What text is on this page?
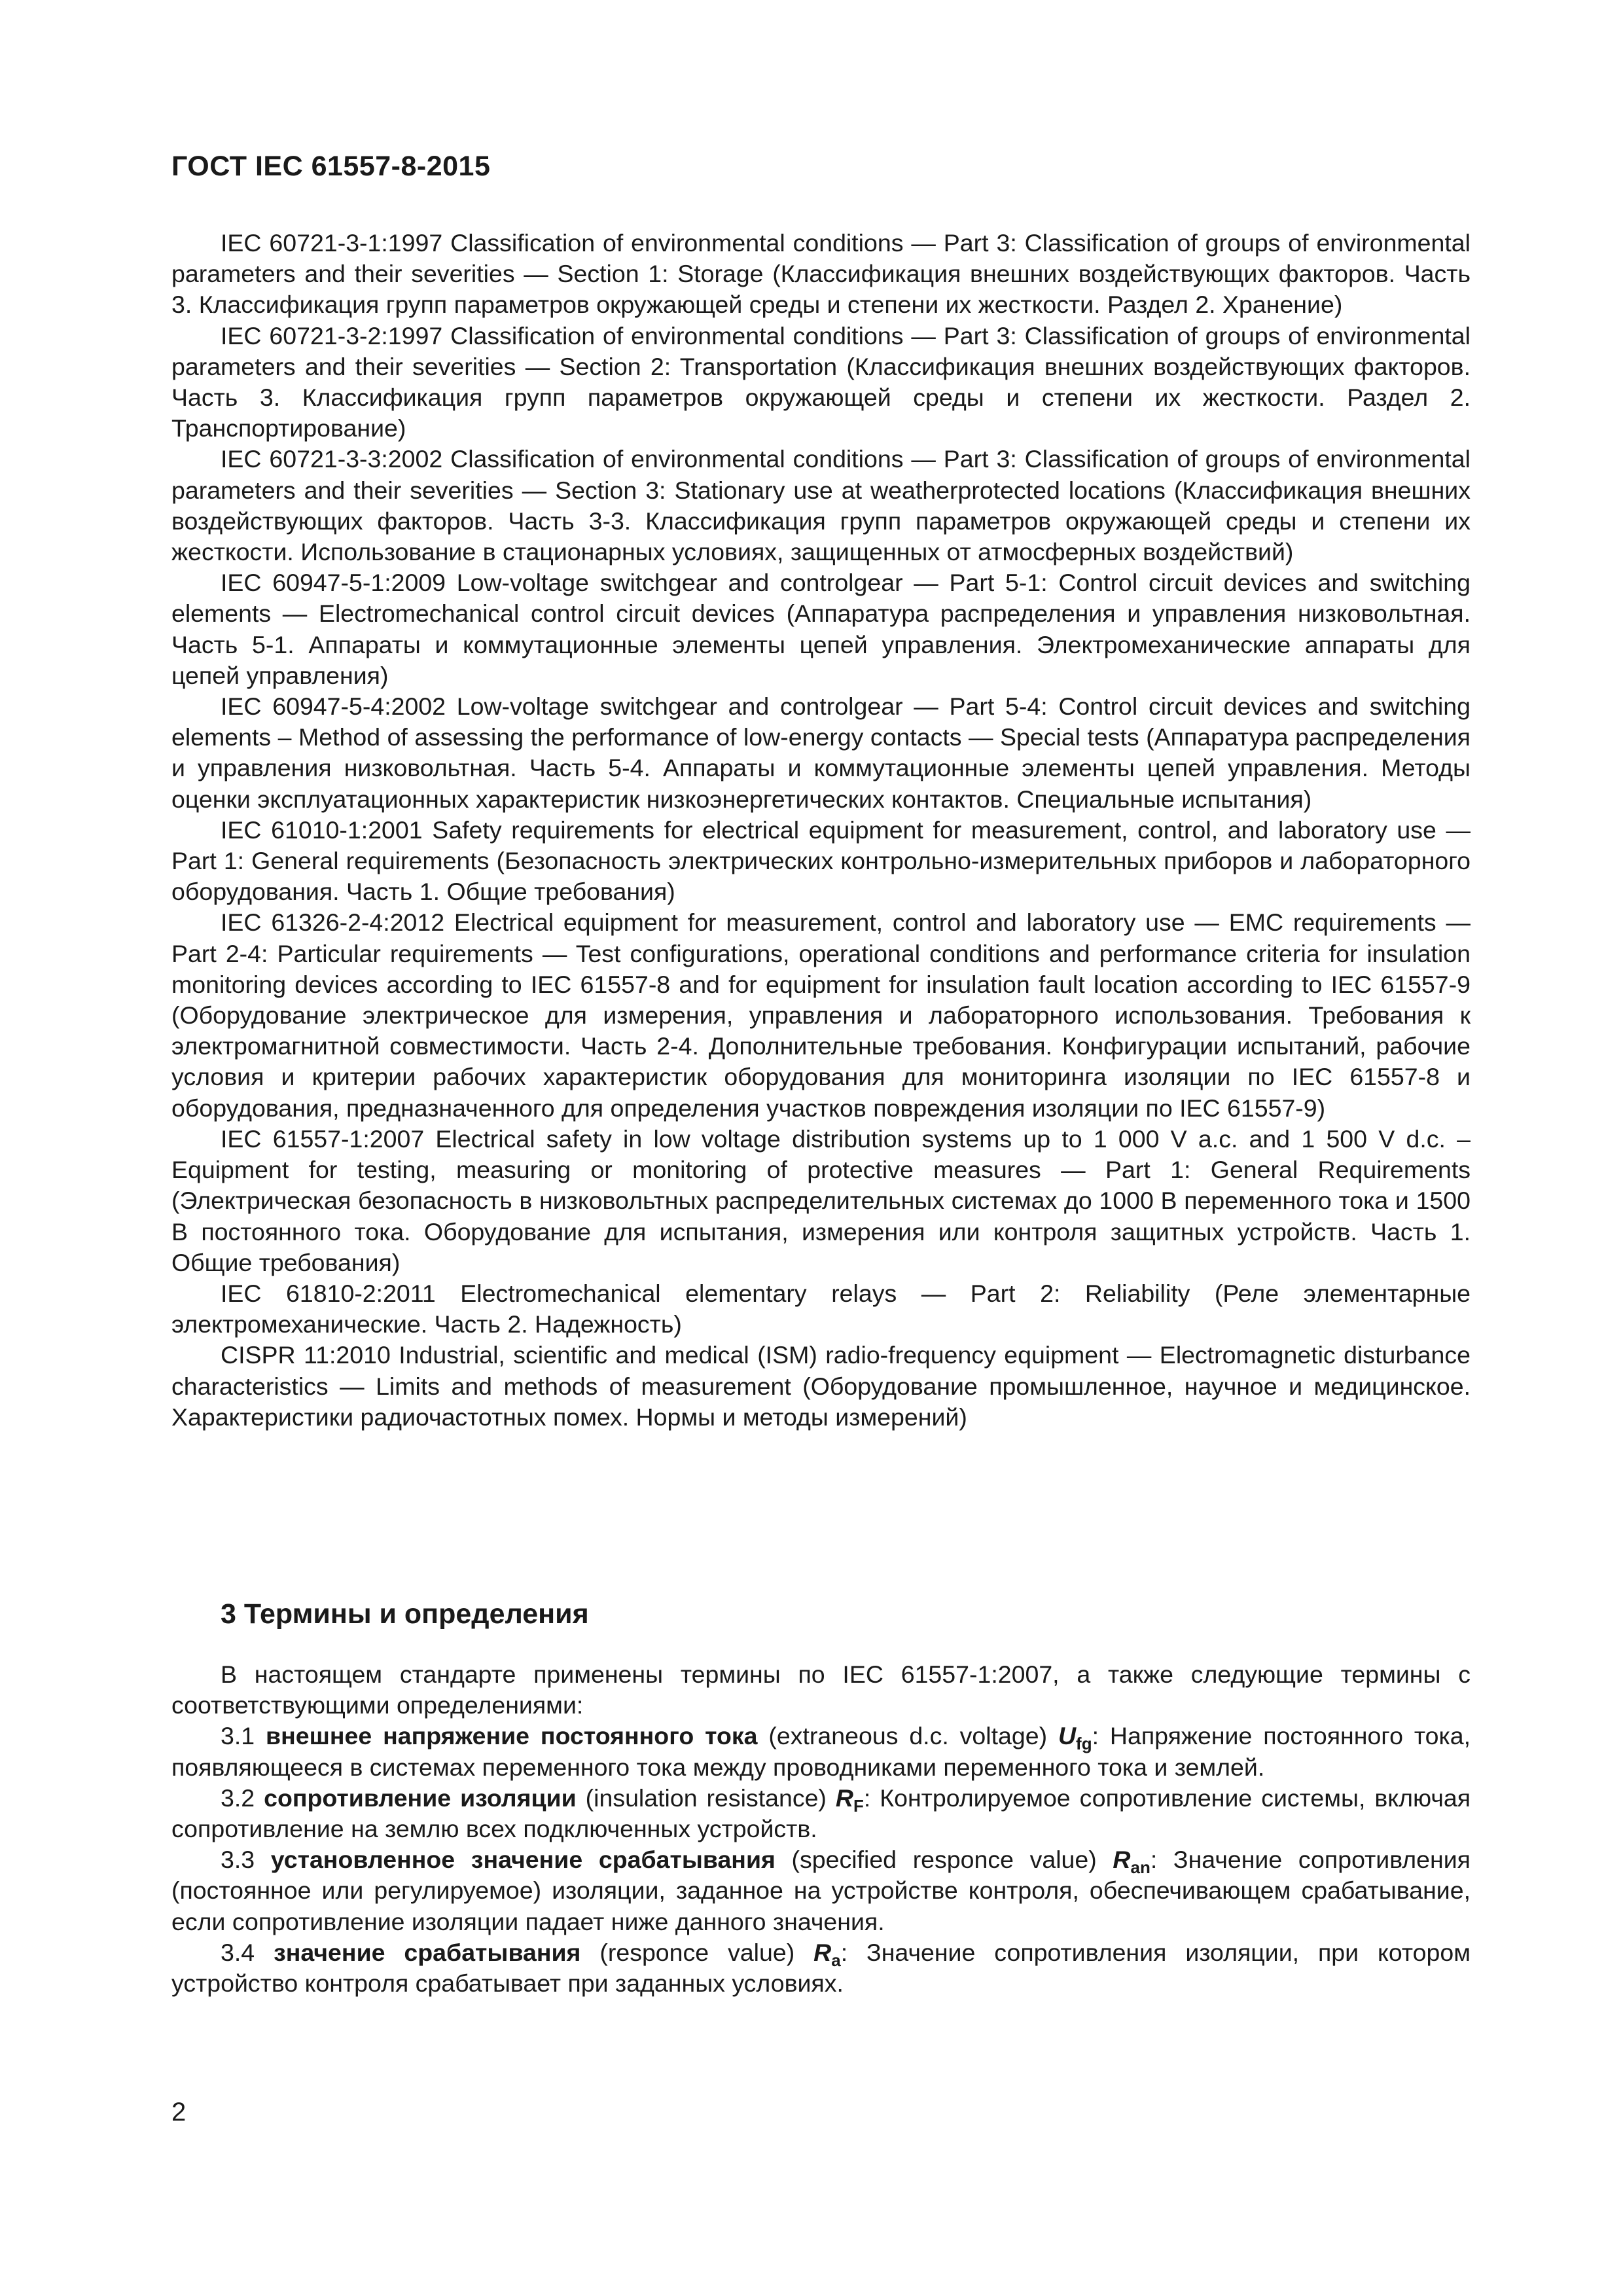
ГОСТ IEC 61557-8-2015

IEC 60721-3-1:1997 Classification of environmental conditions — Part 3: Classification of groups of environmental parameters and their severities — Section 1: Storage (Классификация внешних воздействующих факторов. Часть 3. Классификация групп параметров окружающей среды и степени их жесткости. Раздел 2. Хранение)

IEC 60721-3-2:1997 Classification of environmental conditions — Part 3: Classification of groups of environmental parameters and their severities — Section 2: Transportation (Классификация внешних воздействующих факторов. Часть 3. Классификация групп параметров окружающей среды и степени их жесткости. Раздел 2. Транспортирование)

IEC 60721-3-3:2002 Classification of environmental conditions — Part 3: Classification of groups of environmental parameters and their severities — Section 3: Stationary use at weatherprotected locations (Классификация внешних воздействующих факторов. Часть 3-3. Классификация групп параметров окружающей среды и степени их жесткости. Использование в стационарных условиях, защищенных от атмосферных воздействий)

IEC 60947-5-1:2009 Low-voltage switchgear and controlgear — Part 5-1: Control circuit devices and switching elements — Electromechanical control circuit devices (Аппаратура распределения и управления низковольтная. Часть 5-1. Аппараты и коммутационные элементы цепей управления. Электромеханические аппараты для цепей управления)

IEC 60947-5-4:2002 Low-voltage switchgear and controlgear — Part 5-4: Control circuit devices and switching elements – Method of assessing the performance of low-energy contacts — Special tests (Аппаратура распределения и управления низковольтная. Часть 5-4. Аппараты и коммутационные элементы цепей управления. Методы оценки эксплуатационных характеристик низкоэнергетических контактов. Специальные испытания)

IEC 61010-1:2001 Safety requirements for electrical equipment for measurement, control, and laboratory use — Part 1: General requirements (Безопасность электрических контрольно-измерительных приборов и лабораторного оборудования. Часть 1. Общие требования)

IEC 61326-2-4:2012 Electrical equipment for measurement, control and laboratory use — EMC requirements — Part 2-4: Particular requirements — Test configurations, operational conditions and performance criteria for insulation monitoring devices according to IEC 61557-8 and for equipment for insulation fault location according to IEC 61557-9 (Оборудование электрическое для измерения, управления и лабораторного использования. Требования к электромагнитной совместимости. Часть 2-4. Дополнительные требования. Конфигурации испытаний, рабочие условия и критерии рабочих характеристик оборудования для мониторинга изоляции по IEC 61557-8 и оборудования, предназначенного для определения участков повреждения изоляции по IEC 61557-9)

IEC 61557-1:2007 Electrical safety in low voltage distribution systems up to 1 000 V a.c. and 1 500 V d.c. – Equipment for testing, measuring or monitoring of protective measures — Part 1: General Requirements (Электрическая безопасность в низковольтных распределительных системах до 1000 В переменного тока и 1500 В постоянного тока. Оборудование для испытания, измерения или контроля защитных устройств. Часть 1. Общие требования)

IEC 61810-2:2011 Electromechanical elementary relays — Part 2: Reliability (Реле элементарные электромеханические. Часть 2. Надежность)

CISPR 11:2010 Industrial, scientific and medical (ISM) radio-frequency equipment — Electromagnetic disturbance characteristics — Limits and methods of measurement (Оборудование промышленное, научное и медицинское. Характеристики радиочастотных помех. Нормы и методы измерений)

3 Термины и определения

В настоящем стандарте применены термины по IEC 61557-1:2007, а также следующие термины с соответствующими определениями:

3.1 внешнее напряжение постоянного тока (extraneous d.c. voltage) $U_{fg}$: Напряжение постоянного тока, появляющееся в системах переменного тока между проводниками переменного тока и землей.

3.2 сопротивление изоляции (insulation resistance) $R_F$: Контролируемое сопротивление системы, включая сопротивление на землю всех подключенных устройств.

3.3 установленное значение срабатывания (specified responce value) $R_{an}$: Значение сопротивления (постоянное или регулируемое) изоляции, заданное на устройстве контроля, обеспечивающем срабатывание, если сопротивление изоляции падает ниже данного значения.

3.4 значение срабатывания (responce value) $R_a$: Значение сопротивления изоляции, при котором устройство контроля срабатывает при заданных условиях.

2
